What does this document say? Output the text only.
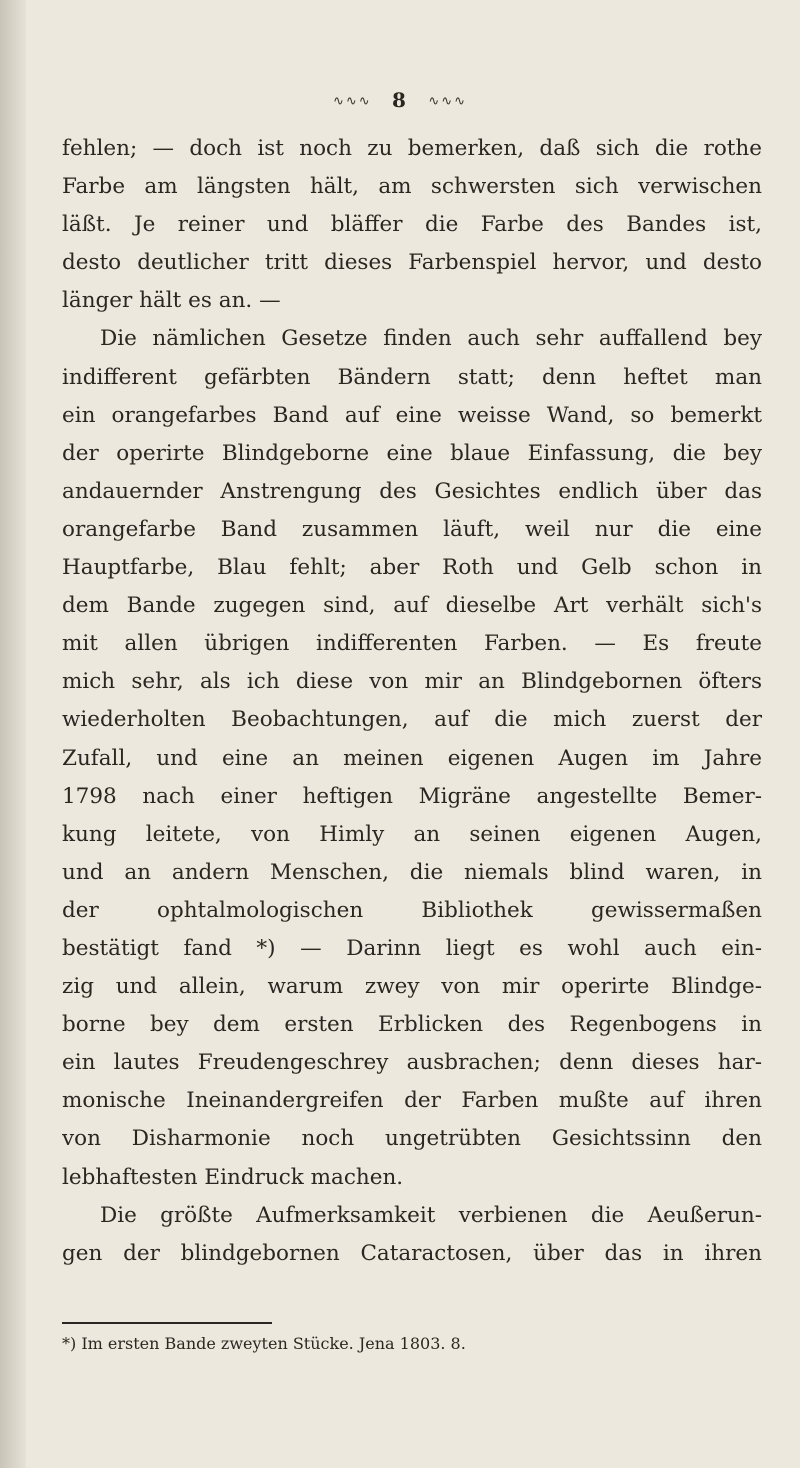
∿∿∿ 8 ∿∿∿
fehlen; — doch ist noch zu bemerken, daß sich die rothe
Farbe am längsten hält, am schwersten sich verwischen
läßt. Je reiner und bläffer die Farbe des Bandes ist,
desto deutlicher tritt dieses Farbenspiel hervor, und desto
länger hält es an. —
Die nämlichen Gesetze finden auch sehr auffallend bey
indifferent gefärbten Bändern statt; denn heftet man
ein orangefarbes Band auf eine weisse Wand, so bemerkt
der operirte Blindgeborne eine blaue Einfassung, die bey
andauernder Anstrengung des Gesichtes endlich über das
orangefarbe Band zusammen läuft, weil nur die eine
Hauptfarbe, Blau fehlt; aber Roth und Gelb schon in
dem Bande zugegen sind, auf dieselbe Art verhält sich's
mit allen übrigen indifferenten Farben. — Es freute
mich sehr, als ich diese von mir an Blindgebornen öfters
wiederholten Beobachtungen, auf die mich zuerst der
Zufall, und eine an meinen eigenen Augen im Jahre
1798 nach einer heftigen Migräne angestellte Bemer-
kung leitete, von Himly an seinen eigenen Augen,
und an andern Menschen, die niemals blind waren, in
der ophtalmologischen Bibliothek gewissermaßen
bestätigt fand *) — Darinn liegt es wohl auch ein-
zig und allein, warum zwey von mir operirte Blindge-
borne bey dem ersten Erblicken des Regenbogens in
ein lautes Freudengeschrey ausbrachen; denn dieses har-
monische Ineinandergreifen der Farben mußte auf ihren
von Disharmonie noch ungetrübten Gesichtssinn den
lebhaftesten Eindruck machen.
Die größte Aufmerksamkeit verbienen die Aeußerun-
gen der blindgebornen Cataractosen, über das in ihren
*) Im ersten Bande zweyten Stücke. Jena 1803. 8.
